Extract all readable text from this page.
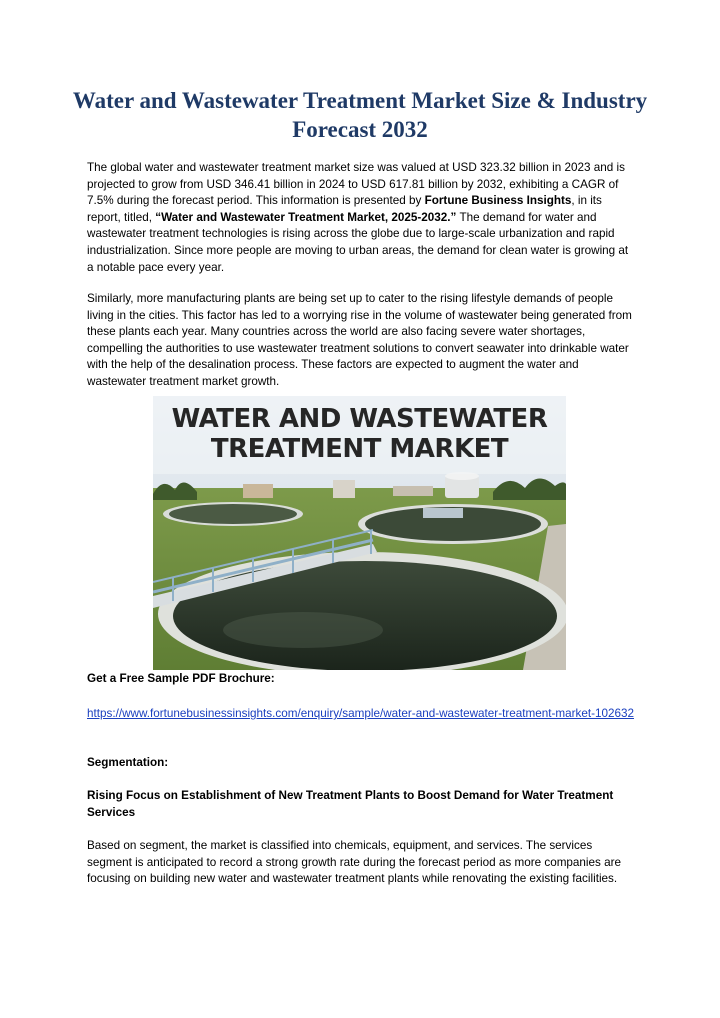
Water and Wastewater Treatment Market Size & Industry Forecast 2032

The global water and wastewater treatment market size was valued at USD 323.32 billion in 2023 and is projected to grow from USD 346.41 billion in 2024 to USD 617.81 billion by 2032, exhibiting a CAGR of 7.5% during the forecast period. This information is presented by Fortune Business Insights, in its report, titled, “Water and Wastewater Treatment Market, 2025-2032.” The demand for water and wastewater treatment technologies is rising across the globe due to large-scale urbanization and rapid industrialization. Since more people are moving to urban areas, the demand for clean water is growing at a notable pace every year.

Similarly, more manufacturing plants are being set up to cater to the rising lifestyle demands of people living in the cities. This factor has led to a worrying rise in the volume of wastewater being generated from these plants each year. Many countries across the world are also facing severe water shortages, compelling the authorities to use wastewater treatment solutions to convert seawater into drinkable water with the help of the desalination process. These factors are expected to augment the water and wastewater treatment market growth.

WATER AND WASTEWATER
TREATMENT MARKET

Get a Free Sample PDF Brochure:

https://www.fortunebusinessinsights.com/enquiry/sample/water-and-wastewater-treatment-market-102632

Segmentation:

Rising Focus on Establishment of New Treatment Plants to Boost Demand for Water Treatment Services

Based on segment, the market is classified into chemicals, equipment, and services. The services segment is anticipated to record a strong growth rate during the forecast period as more companies are focusing on building new water and wastewater treatment plants while renovating the existing facilities.
